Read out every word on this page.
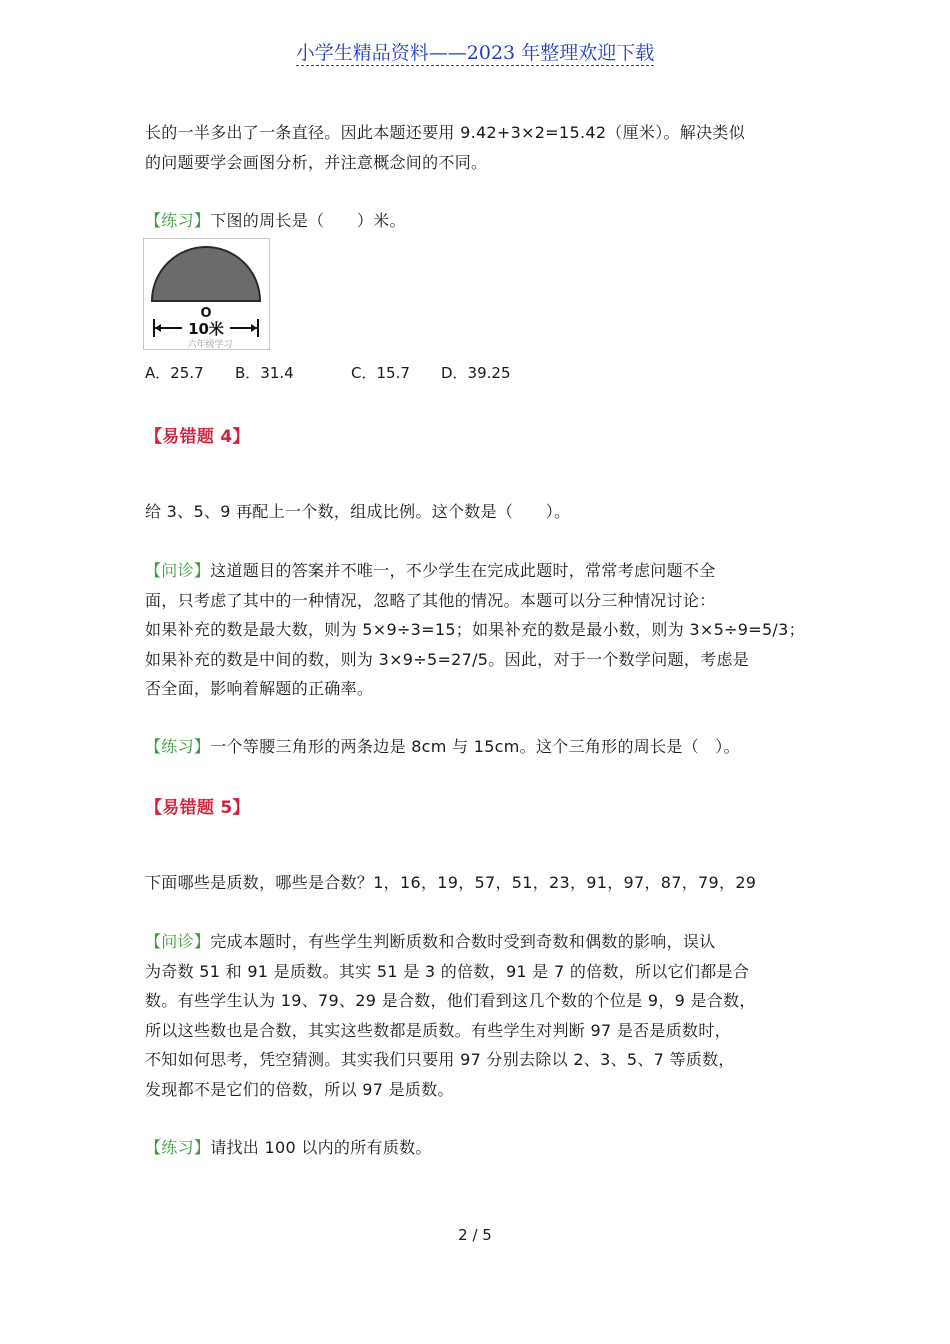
小学生精品资料——2023 年整理欢迎下载

长的一半多出了一条直径。因此本题还要用 9.42+3×2=15.42（厘米）。解决类似
的问题要学会画图分析，并注意概念间的不同。

【练习】下图的周长是（　　）米。

O
10米
六年级学习
A．25.7 B．31.4	C．15.7 D．39.25

【易错题 4】

给 3、5、9 再配上一个数，组成比例。这个数是（　　）。

【问诊】这道题目的答案并不唯一，不少学生在完成此题时，常常考虑问题不全
面，只考虑了其中的一种情况，忽略了其他的情况。本题可以分三种情况讨论：
如果补充的数是最大数，则为 5×9÷3=15；如果补充的数是最小数，则为 3×5÷9=5/3；
如果补充的数是中间的数，则为 3×9÷5=27/5。因此，对于一个数学问题，考虑是
否全面，影响着解题的正确率。

【练习】一个等腰三角形的两条边是 8cm 与 15cm。这个三角形的周长是（　）。

【易错题 5】

下面哪些是质数，哪些是合数？1，16，19，57，51，23，91，97，87，79，29

【问诊】完成本题时，有些学生判断质数和合数时受到奇数和偶数的影响，误认
为奇数 51 和 91 是质数。其实 51 是 3 的倍数，91 是 7 的倍数，所以它们都是合
数。有些学生认为 19、79、29 是合数，他们看到这几个数的个位是 9，9 是合数，
所以这些数也是合数，其实这些数都是质数。有些学生对判断 97 是否是质数时，
不知如何思考，凭空猜测。其实我们只要用 97 分别去除以 2、3、5、7 等质数，
发现都不是它们的倍数，所以 97 是质数。

【练习】请找出 100 以内的所有质数。

2 / 5
